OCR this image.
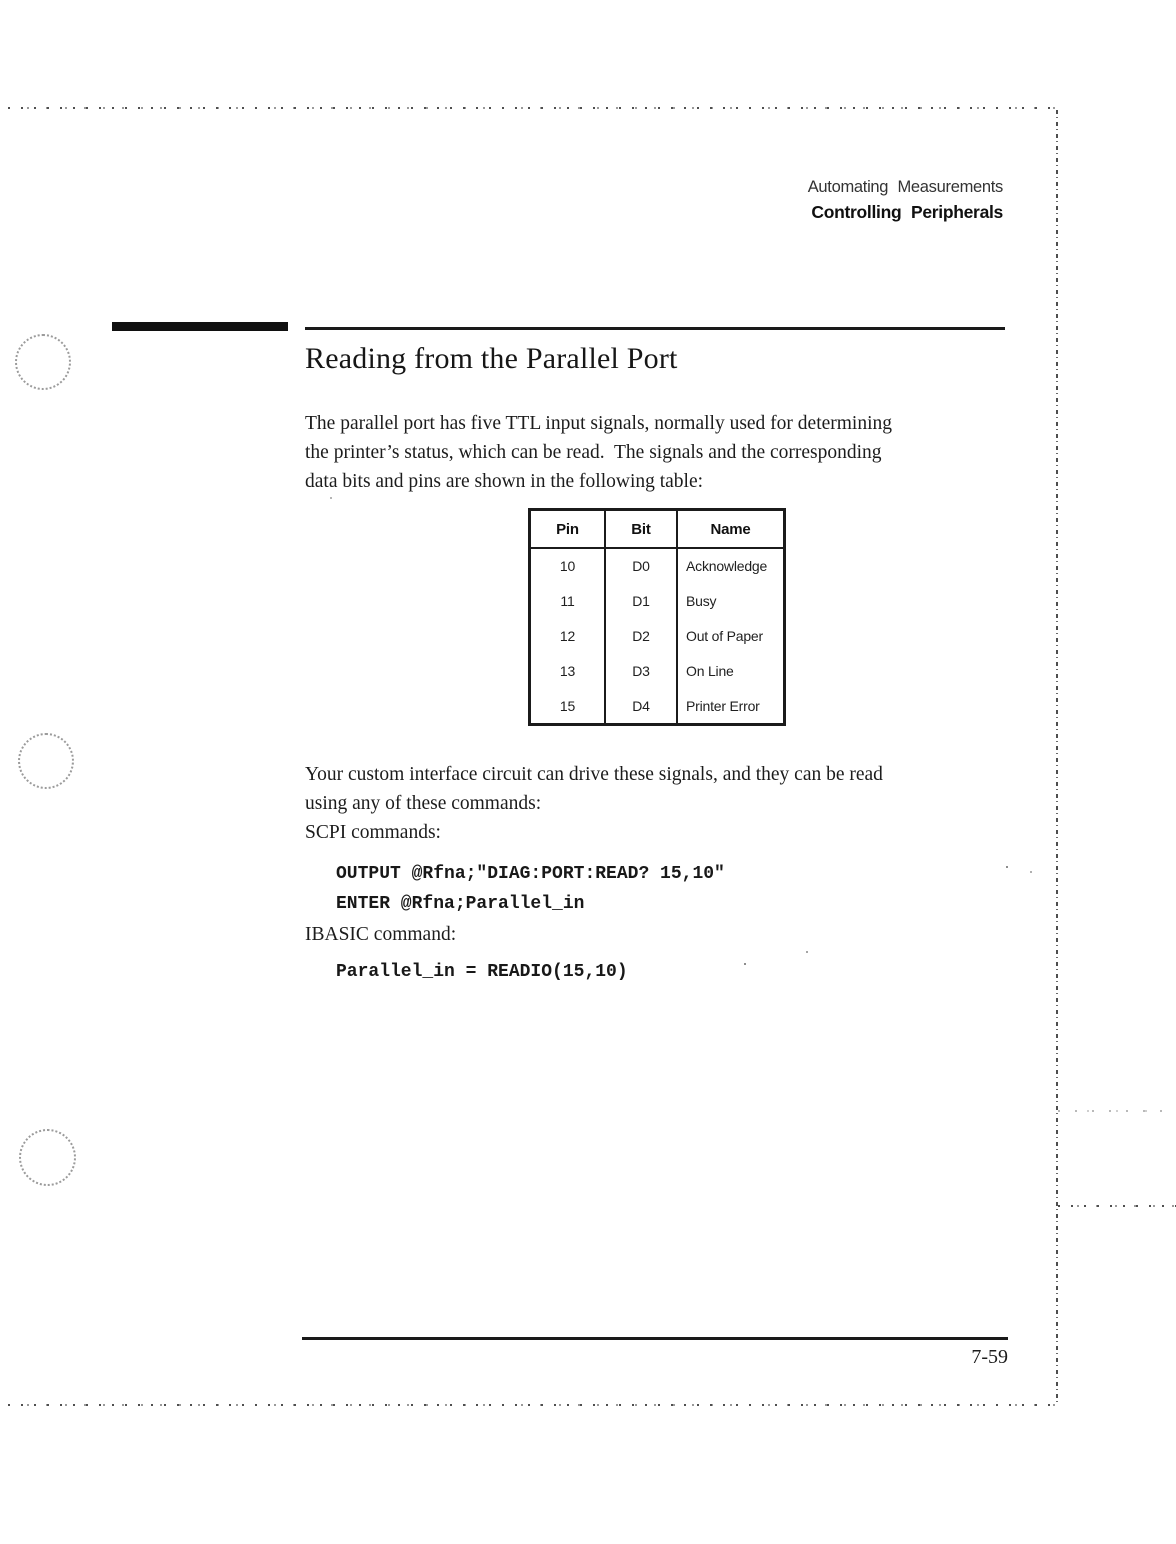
Automating Measurements
Controlling Peripherals
Reading from the Parallel Port
The parallel port has five TTL input signals, normally used for determining
the printer’s status, which can be read.  The signals and the corresponding
data bits and pins are shown in the following table:
Pin	Bit	Name
10	D0	Acknowledge
11	D1	Busy
12	D2	Out of Paper
13	D3	On Line
15	D4	Printer Error
Your custom interface circuit can drive these signals, and they can be read
using any of these commands:
SCPI commands:
OUTPUT @Rfna;"DIAG:PORT:READ? 15,10"
ENTER @Rfna;Parallel_in
IBASIC command:
Parallel_in = READIO(15,10)
7-59
